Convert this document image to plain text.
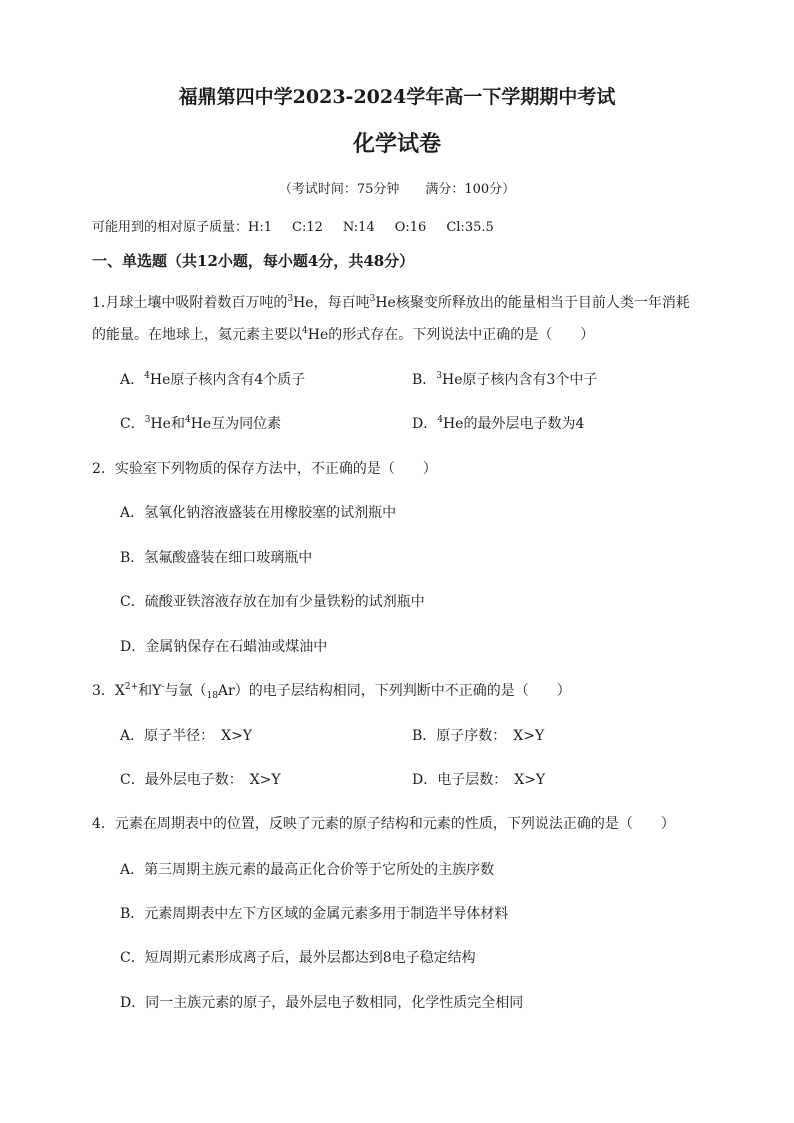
福鼎第四中学2023-2024学年高一下学期期中考试
化学试卷
（考试时间：75分钟 满分：100分）
可能用到的相对原子质量：H:1 C:12 N:14 O:16 Cl:35.5
一、单选题（共12小题，每小题4分，共48分）
1.月球土壤中吸附着数百万吨的$^3$He，每百吨$^3$He核聚变所释放出的能量相当于目前人类一年消耗
的能量。在地球上，氦元素主要以$^4$He的形式存在。下列说法中正确的是（　　）
A．$^4$He原子核内含有4个质子	B．$^3$He原子核内含有3个中子
C．$^3$He和$^4$He互为同位素	D．$^4$He的最外层电子数为4
2．实验室下列物质的保存方法中，不正确的是（　　）
A．氢氧化钠溶液盛装在用橡胶塞的试剂瓶中
B．氢氟酸盛装在细口玻璃瓶中
C．硫酸亚铁溶液存放在加有少量铁粉的试剂瓶中
D．金属钠保存在石蜡油或煤油中
3．$X^{2+}$和Y-与氩$(_{18}Ar)$的电子层结构相同，下列判断中不正确的是（　　）
A．原子半径：　X>Y	B．原子序数：　X>Y
C．最外层电子数：　X>Y	D．电子层数：　X>Y
4．元素在周期表中的位置，反映了元素的原子结构和元素的性质，下列说法正确的是（　　）
A．第三周期主族元素的最高正化合价等于它所处的主族序数
B．元素周期表中左下方区域的金属元素多用于制造半导体材料
C．短周期元素形成离子后，最外层都达到8电子稳定结构
D．同一主族元素的原子，最外层电子数相同，化学性质完全相同
